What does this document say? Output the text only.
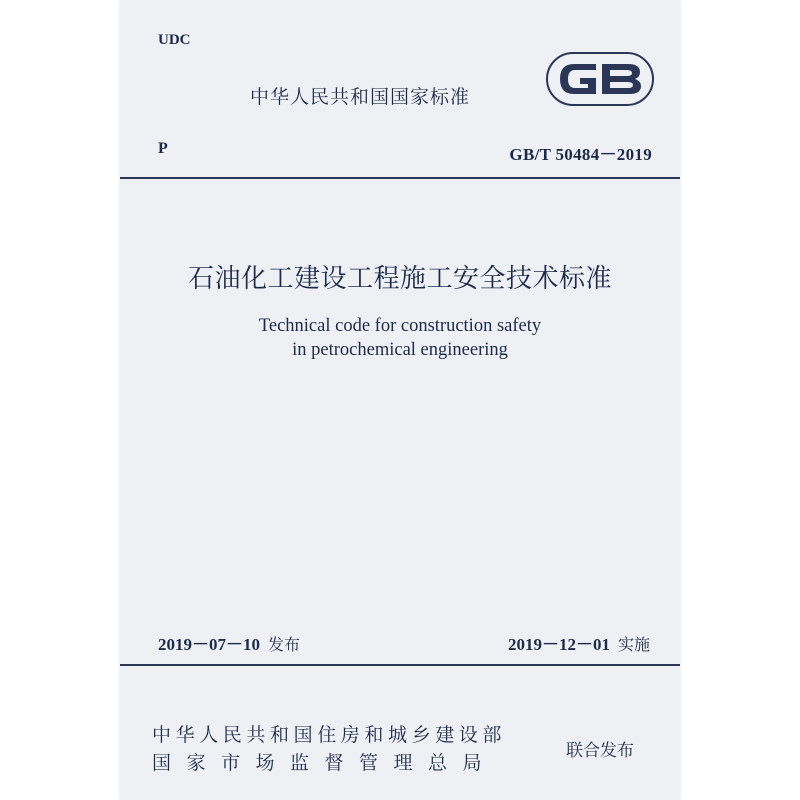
UDC
中华人民共和国国家标准
P	GB/T 50484－2019
石油化工建设工程施工安全技术标准
Technical code for construction safety
in petrochemical engineering
2019－07－10 发布	2019－12－01 实施
中华人民共和国住房和城乡建设部
国家市场监督管理总局
联合发布
